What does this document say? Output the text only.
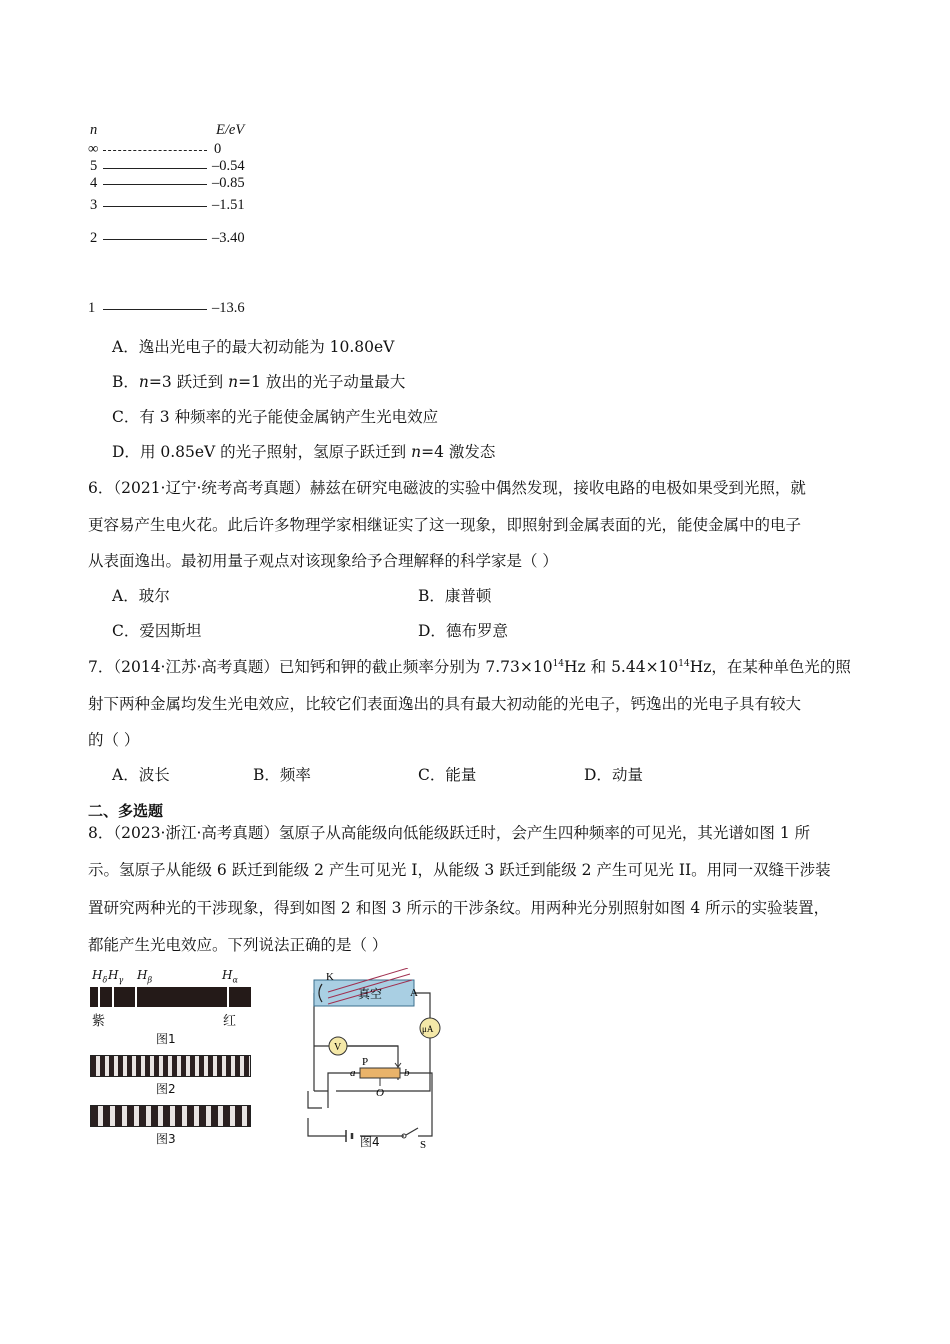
n	E/eV
∞	0
5	–0.54
4	–0.85
3	–1.51
2	–3.40
1	–13.6
A．逸出光电子的最大初动能为 10.80eV
B．n=3 跃迁到 n=1 放出的光子动量最大
C．有 3 种频率的光子能使金属钠产生光电效应
D．用 0.85eV 的光子照射，氢原子跃迁到 n=4 激发态
6．（2021·辽宁·统考高考真题）赫兹在研究电磁波的实验中偶然发现，接收电路的电极如果受到光照，就
更容易产生电火花。此后许多物理学家相继证实了这一现象，即照射到金属表面的光，能使金属中的电子
从表面逸出。最初用量子观点对该现象给予合理解释的科学家是（ ）
A．玻尔	B．康普顿
C．爱因斯坦	D．德布罗意
7．（2014·江苏·高考真题）已知钙和钾的截止频率分别为 $7.73\times 10^{14}Hz$ 和 $5.44\times 10^{14}Hz$，在某种单色光的照
射下两种金属均发生光电效应，比较它们表面逸出的具有最大初动能的光电子，钙逸出的光电子具有较大
的（ ）
A．波长	B．频率	C．能量	D．动量
二、多选题
8．（2023·浙江·高考真题）氢原子从高能级向低能级跃迁时，会产生四种频率的可见光，其光谱如图 1 所
示。氢原子从能级 6 跃迁到能级 2 产生可见光 I，从能级 3 跃迁到能级 2 产生可见光 II。用同一双缝干涉装
置研究两种光的干涉现象，得到如图 2 和图 3 所示的干涉条纹。用两种光分别照射如图 4 所示的实验装置，
都能产生光电效应。下列说法正确的是（ ）
$H_\delta$ $H_\gamma$ $H_\beta$	$H_\alpha$
紫	红
图1
图2
图3
K
A
真空
μA
V
P
a	b
O
S
图4
